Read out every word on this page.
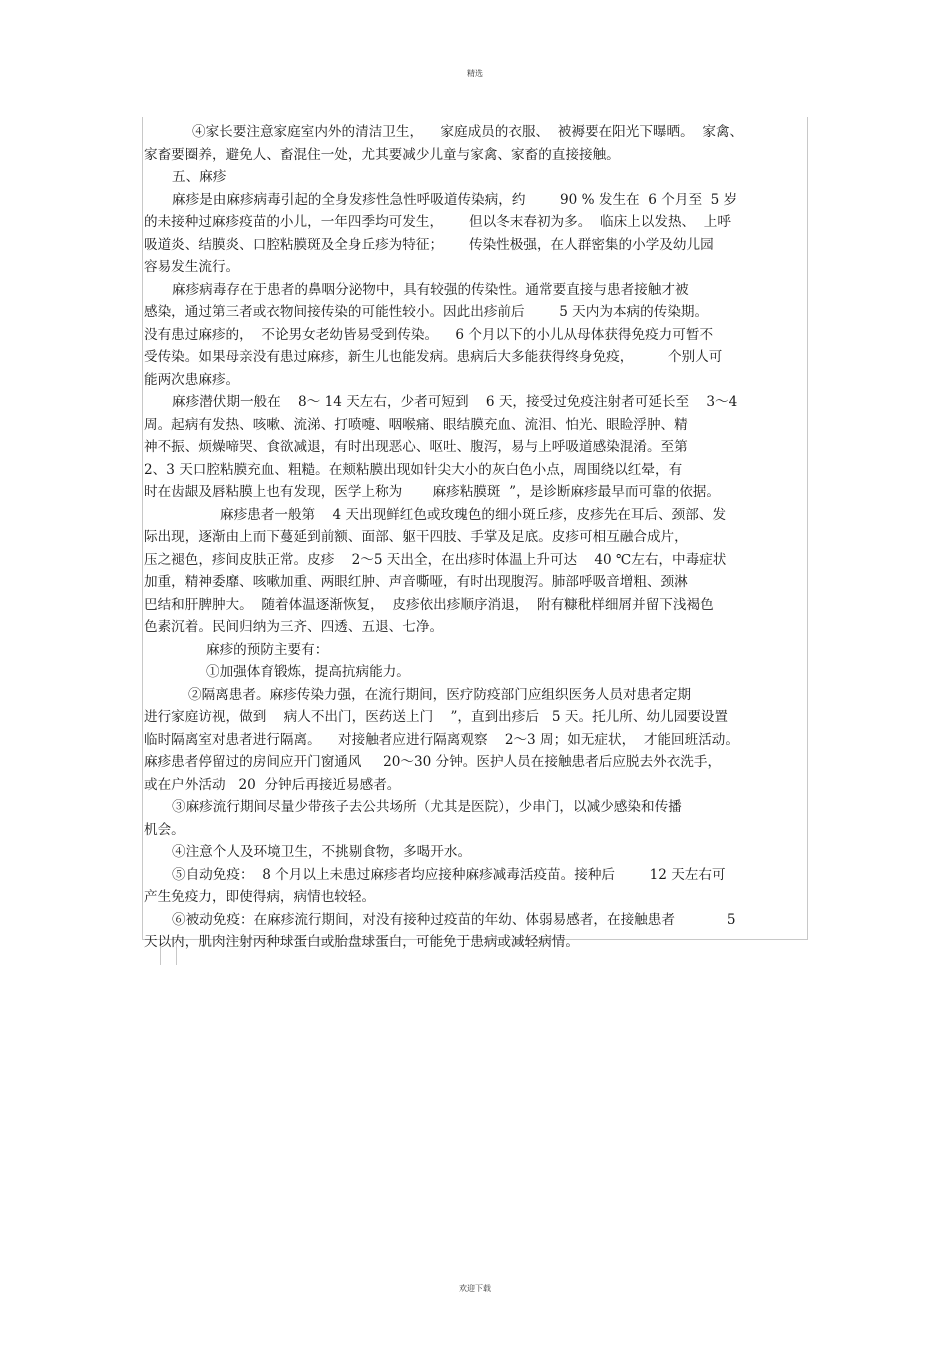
精选
④家长要注意家庭室内外的清洁卫生，    家庭成员的衣服、  被褥要在阳光下曝晒。  家禽、
家畜要圈养，避免人、畜混住一处，尤其要减少儿童与家禽、家畜的直接接触。
五、麻疹
麻疹是由麻疹病毒引起的全身发疹性急性呼吸道传染病，约        90 % 发生在  6 个月至  5 岁
的未接种过麻疹疫苗的小儿，一年四季均可发生，      但以冬末春初为多。  临床上以发热、  上呼
吸道炎、结膜炎、口腔粘膜斑及全身丘疹为特征；      传染性极强，在人群密集的小学及幼儿园
容易发生流行。
麻疹病毒存在于患者的鼻咽分泌物中，具有较强的传染性。通常要直接与患者接触才被
感染，通过第三者或衣物间接传染的可能性较小。因此出疹前后        5 天内为本病的传染期。
没有患过麻疹的，  不论男女老幼皆易受到传染。    6 个月以下的小儿从母体获得免疫力可暂不
受传染。如果母亲没有患过麻疹，新生儿也能发病。患病后大多能获得终身免疫，        个别人可
能两次患麻疹。
麻疹潜伏期一般在    8～ 14 天左右，少者可短到    6 天，接受过免疫注射者可延长至    3～4
周。起病有发热、咳嗽、流涕、打喷嚏、咽喉痛、眼结膜充血、流泪、怕光、眼睑浮肿、精
神不振、烦燥啼哭、食欲减退，有时出现恶心、呕吐、腹泻，易与上呼吸道感染混淆。至第
2、3 天口腔粘膜充血、粗糙。在颊粘膜出现如针尖大小的灰白色小点，周围绕以红晕，有
时在齿龈及唇粘膜上也有发现，医学上称为       麻疹粘膜斑  ”，是诊断麻疹最早而可靠的依据。
麻疹患者一般第    4 天出现鲜红色或玫瑰色的细小斑丘疹，皮疹先在耳后、颈部、发
际出现，逐渐由上而下蔓延到前额、面部、躯干四肢、手掌及足底。皮疹可相互融合成片，
压之褪色，疹间皮肤正常。皮疹    2～5 天出全，在出疹时体温上升可达    40 ℃左右，中毒症状
加重，精神委靡、咳嗽加重、两眼红肿、声音嘶哑，有时出现腹泻。肺部呼吸音增粗、颈淋
巴结和肝脾肿大。  随着体温逐渐恢复，  皮疹依出疹顺序消退，  附有糠秕样细屑并留下浅褐色
色素沉着。民间归纳为三齐、四透、五退、七净。
麻疹的预防主要有：
①加强体育锻炼，提高抗病能力。
②隔离患者。麻疹传染力强，在流行期间，医疗防疫部门应组织医务人员对患者定期
进行家庭访视，做到    病人不出门，医药送上门    ”，直到出疹后   5 天。托儿所、幼儿园要设置
临时隔离室对患者进行隔离。    对接触者应进行隔离观察    2～3 周；如无症状，  才能回班活动。
麻疹患者停留过的房间应开门窗通风     20～30 分钟。医护人员在接触患者后应脱去外衣洗手，
或在户外活动   20  分钟后再接近易感者。
③麻疹流行期间尽量少带孩子去公共场所（尤其是医院），少串门，以减少感染和传播
机会。
④注意个人及环境卫生，不挑剔食物，多喝开水。
⑤自动免疫：  8 个月以上未患过麻疹者均应接种麻疹减毒活疫苗。接种后        12 天左右可
产生免疫力，即使得病，病情也较轻。
⑥被动免疫：在麻疹流行期间，对没有接种过疫苗的年幼、体弱易感者，在接触患者            5
天以内，肌肉注射丙种球蛋白或胎盘球蛋白，可能免于患病或减轻病情。
欢迎下载
